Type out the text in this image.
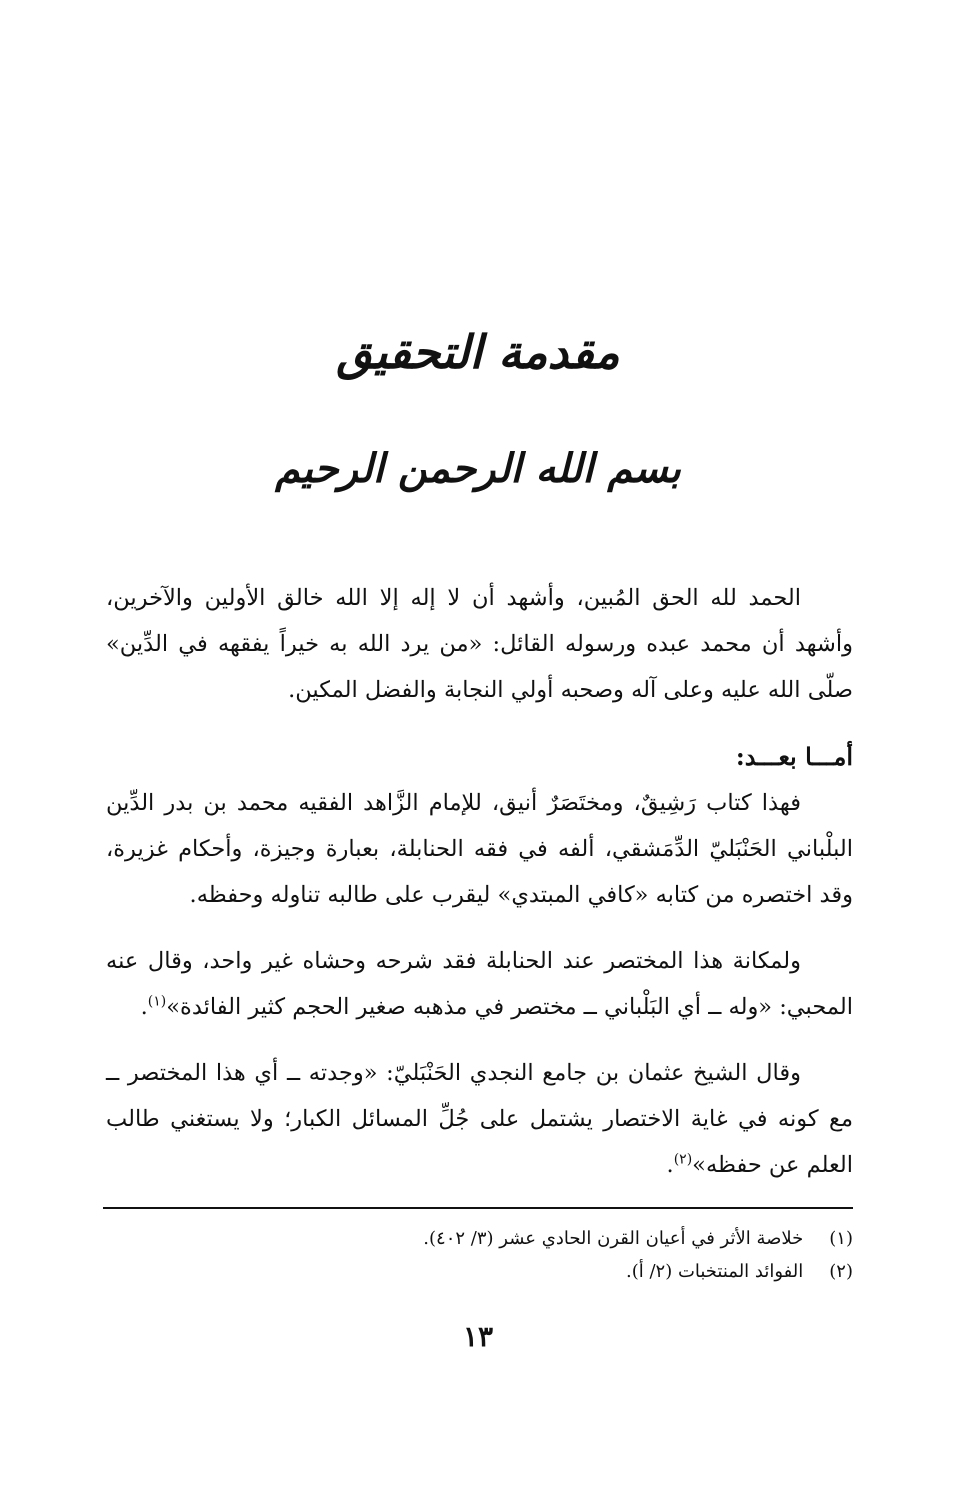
مقدمة التحقيق
بسم الله الرحمن الرحيم

الحمد لله الحق المُبين، وأشهد أن لا إله إلا الله خالق الأولين والآخرين، وأشهد أن محمد عبده ورسوله القائل: «من يرد الله به خيراً يفقهه في الدِّين» صلّى الله عليه وعلى آله وصحبه أولي النجابة والفضل المكين.

أمـــا بعـــد:

فهذا كتاب رَشِيقٌ، ومختَصَرٌ أنيق، للإمام الزَّاهد الفقيه محمد بن بدر الدِّين البلْباني الحَنْبَليّ الدِّمَشقي، ألفه في فقه الحنابلة، بعبارة وجيزة، وأحكام غزيرة، وقد اختصره من كتابه «كافي المبتدي» ليقرب على طالبه تناوله وحفظه.

ولمكانة هذا المختصر عند الحنابلة فقد شرحه وحشاه غير واحد، وقال عنه المحبي: «وله ــ أي البَلْباني ــ مختصر في مذهبه صغير الحجم كثير الفائدة»$^{(١)}$.

وقال الشيخ عثمان بن جامع النجدي الحَنْبَليّ: «وجدته ــ أي هذا المختصر ــ مع كونه في غاية الاختصار يشتمل على جُلِّ المسائل الكبار؛ ولا يستغني طالب العلم عن حفظه»$^{(٢)}$.

(١) خلاصة الأثر في أعيان القرن الحادي عشر (٣/ ٤٠٢).
(٢) الفوائد المنتخبات (٢/ أ).
١٣
